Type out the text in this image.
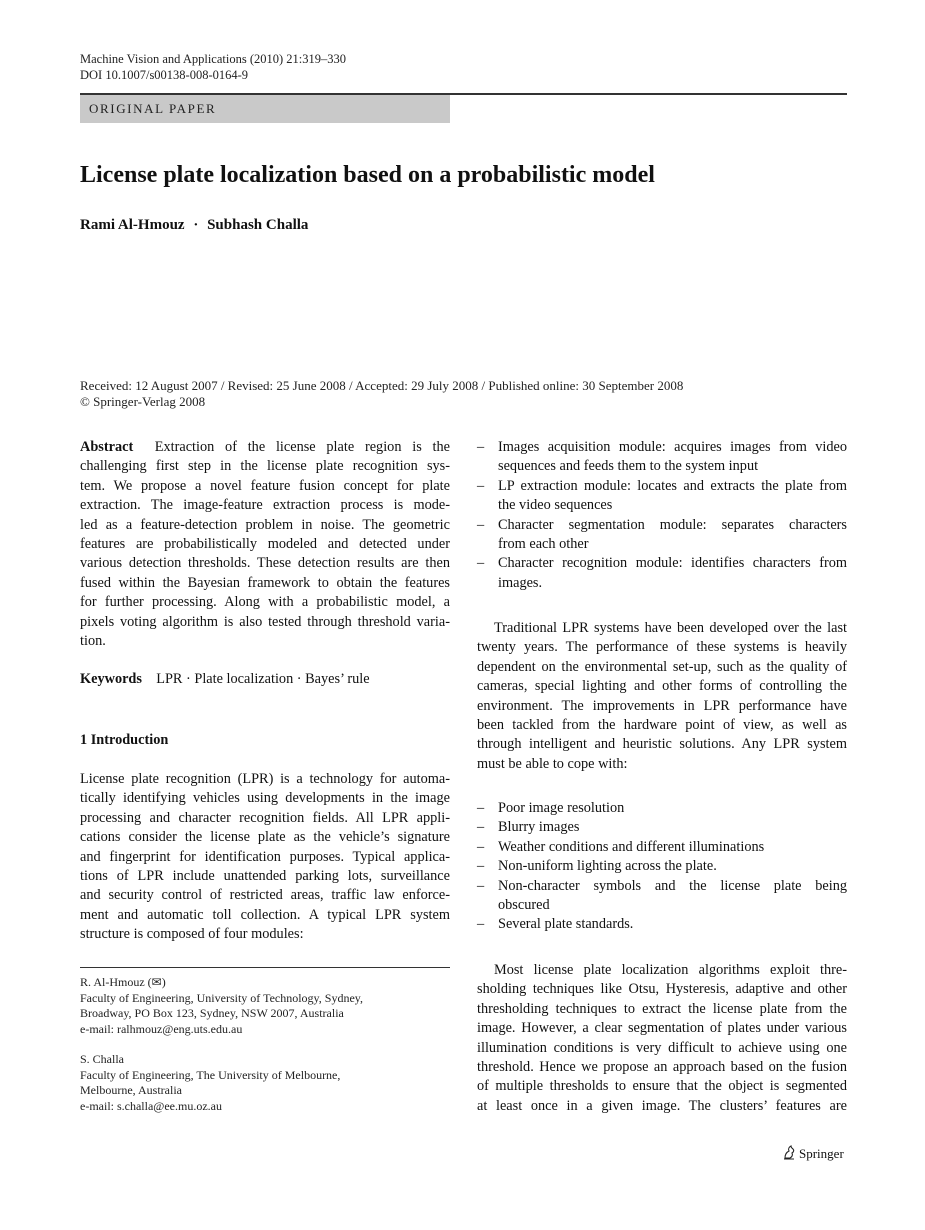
Machine Vision and Applications (2010) 21:319–330
DOI 10.1007/s00138-008-0164-9
ORIGINAL PAPER
License plate localization based on a probabilistic model
Rami Al-Hmouz · Subhash Challa
Received: 12 August 2007 / Revised: 25 June 2008 / Accepted: 29 July 2008 / Published online: 30 September 2008
© Springer-Verlag 2008
Abstract Extraction of the license plate region is the
challenging first step in the license plate recognition sys-
tem. We propose a novel feature fusion concept for plate
extraction. The image-feature extraction process is mode-
led as a feature-detection problem in noise. The geometric
features are probabilistically modeled and detected under
various detection thresholds. These detection results are then
fused within the Bayesian framework to obtain the features
for further processing. Along with a probabilistic model, a
pixels voting algorithm is also tested through threshold varia-
tion.
Keywords LPR · Plate localization · Bayes’ rule
1 Introduction
License plate recognition (LPR) is a technology for automa-
tically identifying vehicles using developments in the image
processing and character recognition fields. All LPR appli-
cations consider the license plate as the vehicle’s signature
and fingerprint for identification purposes. Typical applica-
tions of LPR include unattended parking lots, surveillance
and security control of restricted areas, traffic law enforce-
ment and automatic toll collection. A typical LPR system
structure is composed of four modules:
R. Al-Hmouz (✉)
Faculty of Engineering, University of Technology, Sydney,
Broadway, PO Box 123, Sydney, NSW 2007, Australia
e-mail: ralhmouz@eng.uts.edu.au
S. Challa
Faculty of Engineering, The University of Melbourne,
Melbourne, Australia
e-mail: s.challa@ee.mu.oz.au
– Images acquisition module: acquires images from video
sequences and feeds them to the system input
– LP extraction module: locates and extracts the plate from
the video sequences
– Character segmentation module: separates characters
from each other
– Character recognition module: identifies characters from
images.
Traditional LPR systems have been developed over the last
twenty years. The performance of these systems is heavily
dependent on the environmental set-up, such as the quality of
cameras, special lighting and other forms of controlling the
environment. The improvements in LPR performance have
been tackled from the hardware point of view, as well as
through intelligent and heuristic solutions. Any LPR system
must be able to cope with:
– Poor image resolution
– Blurry images
– Weather conditions and different illuminations
– Non-uniform lighting across the plate.
– Non-character symbols and the license plate being
obscured
– Several plate standards.
Most license plate localization algorithms exploit thre-
sholding techniques like Otsu, Hysteresis, adaptive and other
thresholding techniques to extract the license plate from the
image. However, a clear segmentation of plates under various
illumination conditions is very difficult to achieve using one
threshold. Hence we propose an approach based on the fusion
of multiple thresholds to ensure that the object is segmented
at least once in a given image. The clusters’ features are
Springer
